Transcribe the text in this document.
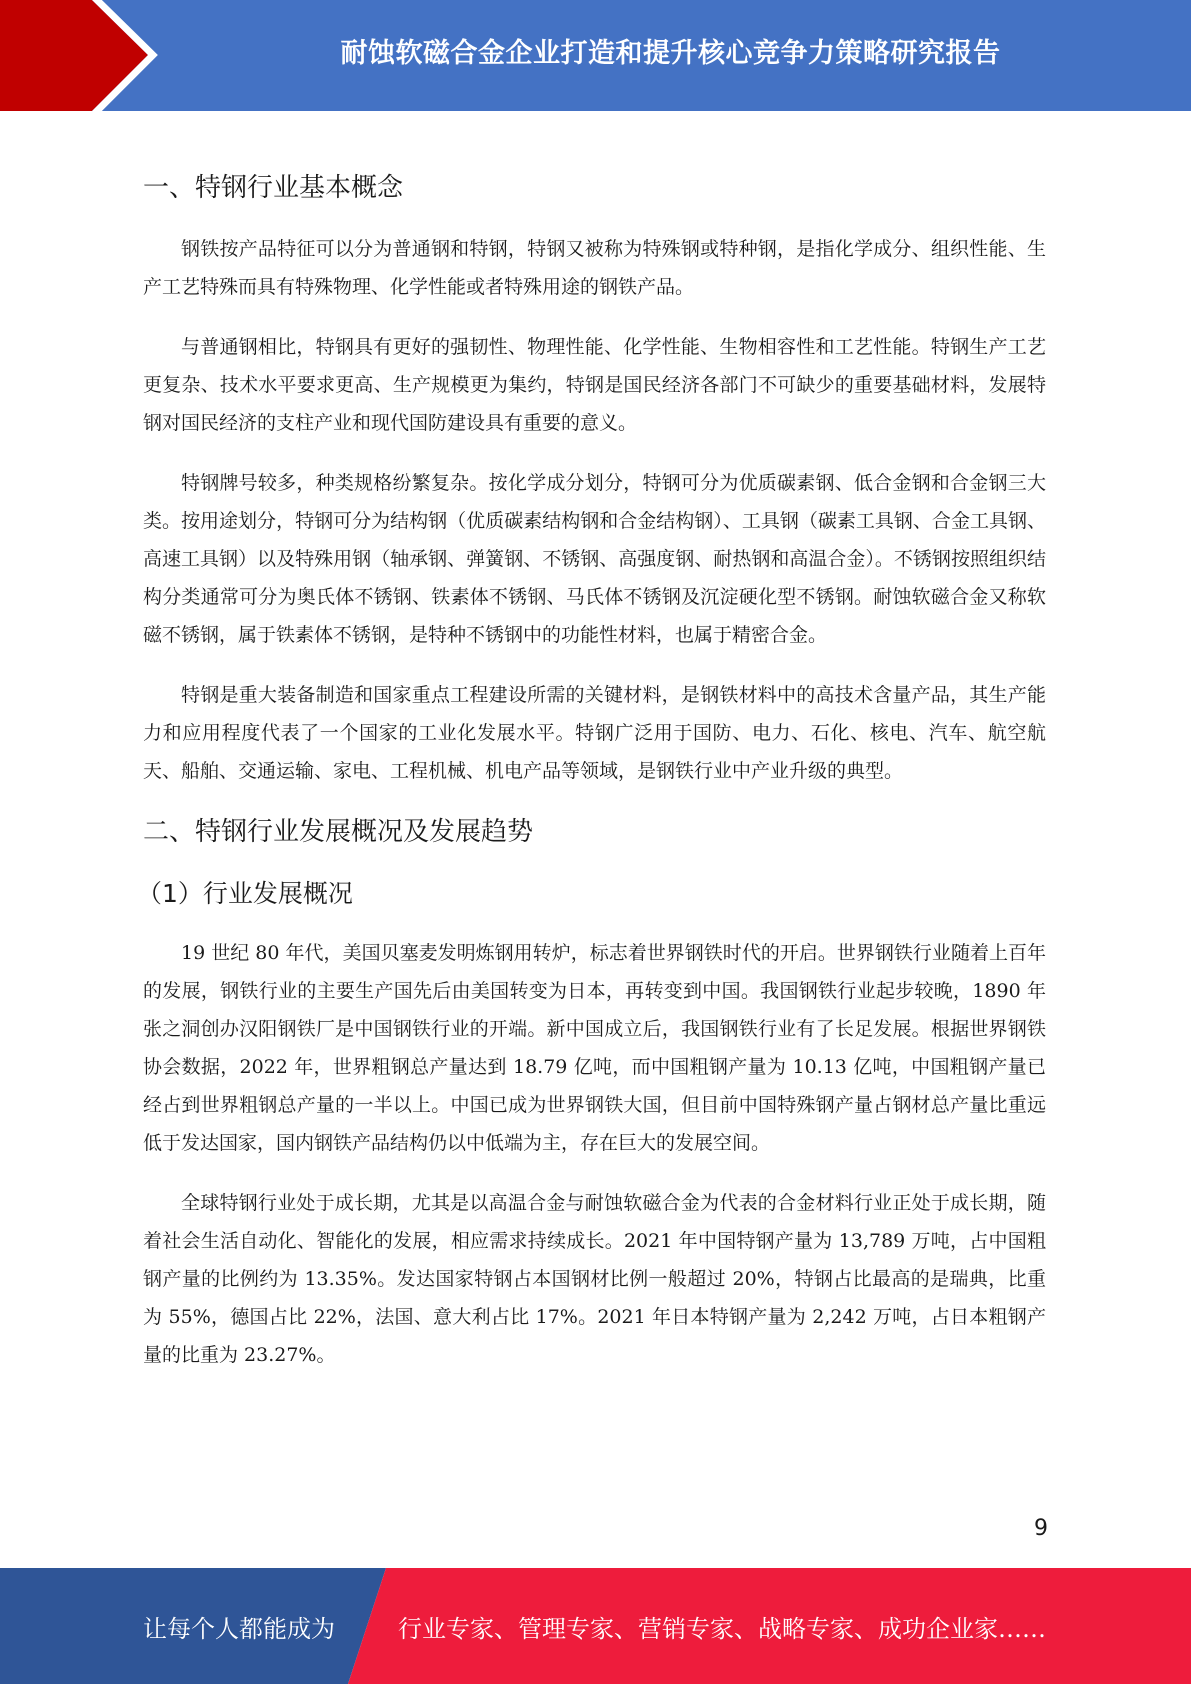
耐蚀软磁合金企业打造和提升核心竞争力策略研究报告
一、特钢行业基本概念

钢铁按产品特征可以分为普通钢和特钢，特钢又被称为特殊钢或特种钢，是指化学成分、组织性能、生产工艺特殊而具有特殊物理、化学性能或者特殊用途的钢铁产品。

与普通钢相比，特钢具有更好的强韧性、物理性能、化学性能、生物相容性和工艺性能。特钢生产工艺更复杂、技术水平要求更高、生产规模更为集约，特钢是国民经济各部门不可缺少的重要基础材料，发展特钢对国民经济的支柱产业和现代国防建设具有重要的意义。

特钢牌号较多，种类规格纷繁复杂。按化学成分划分，特钢可分为优质碳素钢、低合金钢和合金钢三大类。按用途划分，特钢可分为结构钢（优质碳素结构钢和合金结构钢）、工具钢（碳素工具钢、合金工具钢、高速工具钢）以及特殊用钢（轴承钢、弹簧钢、不锈钢、高强度钢、耐热钢和高温合金）。不锈钢按照组织结构分类通常可分为奥氏体不锈钢、铁素体不锈钢、马氏体不锈钢及沉淀硬化型不锈钢。耐蚀软磁合金又称软磁不锈钢，属于铁素体不锈钢，是特种不锈钢中的功能性材料，也属于精密合金。

特钢是重大装备制造和国家重点工程建设所需的关键材料，是钢铁材料中的高技术含量产品，其生产能力和应用程度代表了一个国家的工业化发展水平。特钢广泛用于国防、电力、石化、核电、汽车、航空航天、船舶、交通运输、家电、工程机械、机电产品等领域，是钢铁行业中产业升级的典型。

二、特钢行业发展概况及发展趋势
（1）行业发展概况

19 世纪 80 年代，美国贝塞麦发明炼钢用转炉，标志着世界钢铁时代的开启。世界钢铁行业随着上百年的发展，钢铁行业的主要生产国先后由美国转变为日本，再转变到中国。我国钢铁行业起步较晚，1890 年张之洞创办汉阳钢铁厂是中国钢铁行业的开端。新中国成立后，我国钢铁行业有了长足发展。根据世界钢铁协会数据，2022 年，世界粗钢总产量达到 18.79 亿吨，而中国粗钢产量为 10.13 亿吨，中国粗钢产量已经占到世界粗钢总产量的一半以上。中国已成为世界钢铁大国，但目前中国特殊钢产量占钢材总产量比重远低于发达国家，国内钢铁产品结构仍以中低端为主，存在巨大的发展空间。

全球特钢行业处于成长期，尤其是以高温合金与耐蚀软磁合金为代表的合金材料行业正处于成长期，随着社会生活自动化、智能化的发展，相应需求持续成长。2021 年中国特钢产量为 13,789 万吨，占中国粗钢产量的比例约为 13.35%。发达国家特钢占本国钢材比例一般超过 20%，特钢占比最高的是瑞典，比重为 55%，德国占比 22%，法国、意大利占比 17%。2021 年日本特钢产量为 2,242 万吨，占日本粗钢产量的比重为 23.27%。

9
让每个人都能成为	行业专家、管理专家、营销专家、战略专家、成功企业家……
